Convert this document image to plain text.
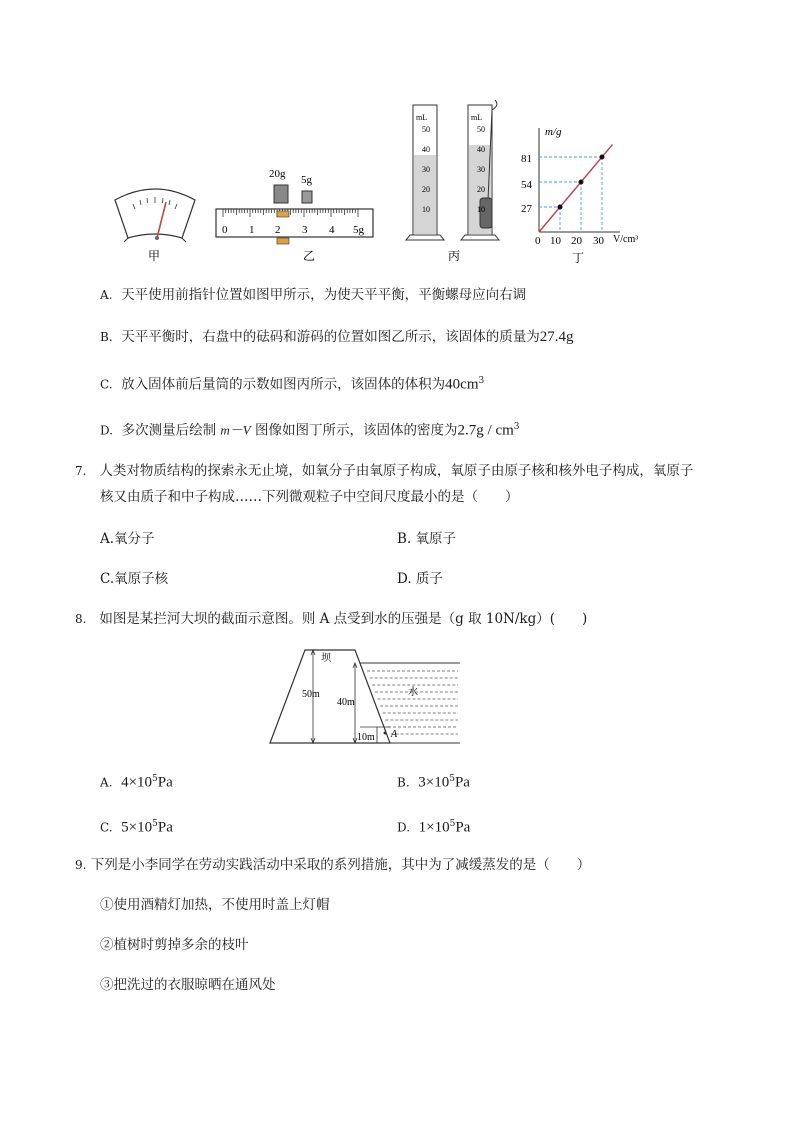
甲
20g 5g
0 1 2 3 4 5g
乙
mL
50
40
30
20
10
mL
50
40
30
20
10
丙
m/g
V/cm³
81
54
27
0 10 20 30
丁
A. 天平使用前指针位置如图甲所示，为使天平平衡，平衡螺母应向右调
B. 天平平衡时，右盘中的砝码和游码的位置如图乙所示，该固体的质量为27.4g
C. 放入固体前后量筒的示数如图丙所示，该固体的体积为$40cm^3$
D. 多次测量后绘制 m－V 图像如图丁所示，该固体的密度为$2.7g / cm^3$
7. 人类对物质结构的探索永无止境，如氧分子由氧原子构成，氧原子由原子核和核外电子构成，氧原子
核又由质子和中子构成……下列微观粒子中空间尺度最小的是（　　）
A.氧分子	B. 氧原子
C.氧原子核	D. 质子
8. 如图是某拦河大坝的截面示意图。则 A 点受到水的压强是（g 取 10N/kg）(　　)
坝
水
50m
40m
10m A
A. $4\times 10^5Pa$	B. $3\times 10^5Pa$
C. $5\times 10^5Pa$	D. $1\times 10^5Pa$
9. 下列是小李同学在劳动实践活动中采取的系列措施，其中为了减缓蒸发的是（　　）
①使用酒精灯加热，不使用时盖上灯帽
②植树时剪掉多余的枝叶
③把洗过的衣服晾晒在通风处
